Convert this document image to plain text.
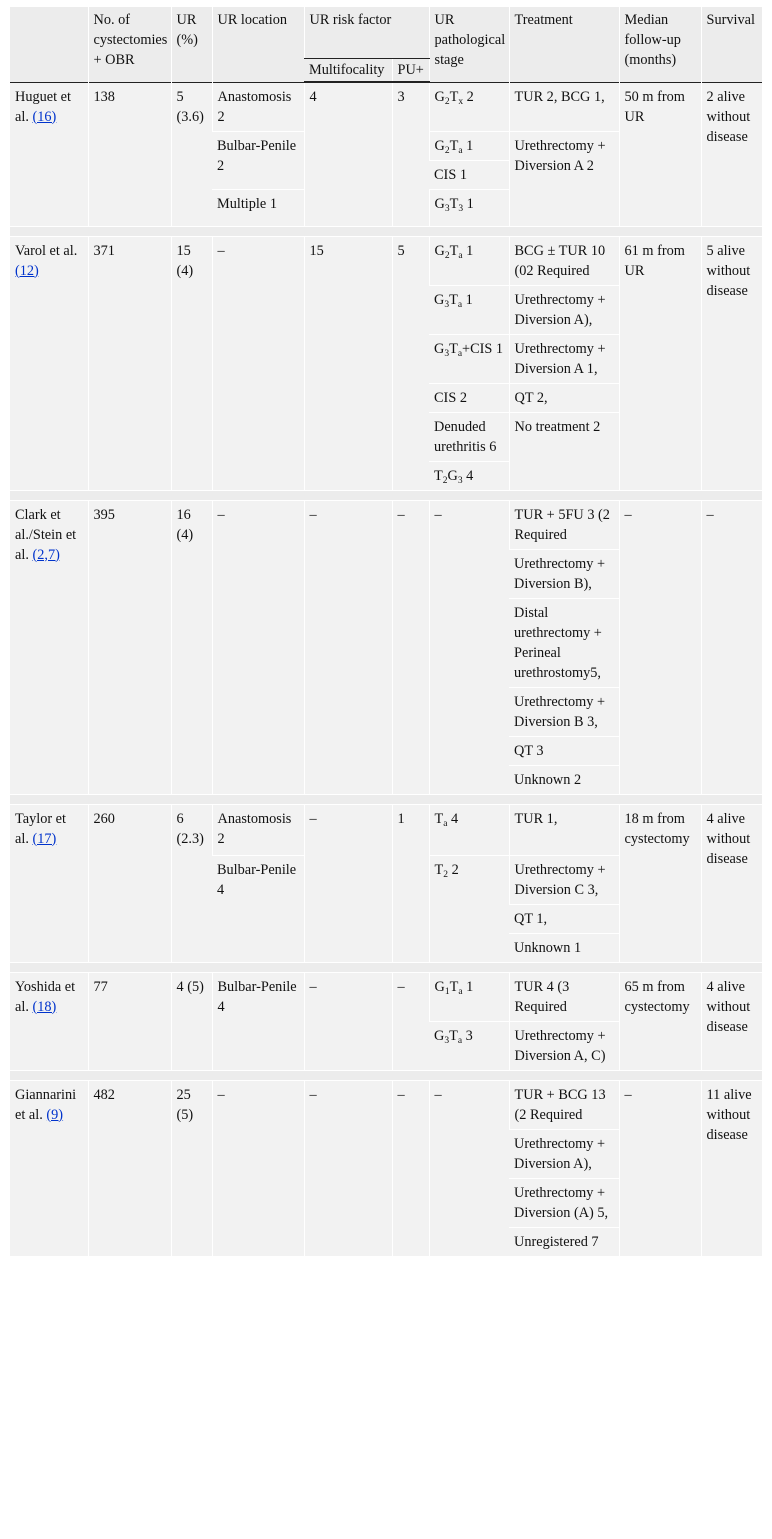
	No. of cystectomies + OBR	UR (%)	UR location	UR risk factor		UR pathological stage	Treatment	Median follow-up (months)	Survival
				Multifocality	PU+				
Huguet et al. (16)	138	5 (3.6)	Anastomosis 2	4	3	$G_2T_x$ 2	TUR 2, BCG 1,	50 m from UR	2 alive without disease
			Bulbar-Penile 2			$G_2T_a$ 1	Urethrectomy + Diversion A 2		
						CIS 1			
			Multiple 1			$G_3T_3$ 1			

Varol et al. (12)	371	15 (4)	–	15	5	$G_2T_a$ 1	BCG ± TUR 10 (02 Required	61 m from UR	5 alive without disease
						$G_3T_a$ 1	Urethrectomy + Diversion A),		
						$G_3T_a+CIS$ 1	Urethrectomy + Diversion A 1,		
						CIS 2	QT 2,		
						Denuded urethritis 6	No treatment 2		
						$T_2G_3$ 4			

Clark et al./Stein et al. (2,7)	395	16 (4)	–	–	–	–	TUR + 5FU 3 (2 Required	–	–
							Urethrectomy + Diversion B),		
							Distal urethrectomy + Perineal urethrostomy5,		
							Urethrectomy + Diversion B 3,		
							QT 3		
							Unknown 2		

Taylor et al. (17)	260	6 (2.3)	Anastomosis 2	–	1	$T_a$ 4	TUR 1,	18 m from cystectomy	4 alive without disease
			Bulbar-Penile 4			$T_2$ 2	Urethrectomy + Diversion C 3,		
							QT 1,		
							Unknown 1		

Yoshida et al. (18)	77	4 (5)	Bulbar-Penile 4	–	–	$G_1T_a$ 1	TUR 4 (3 Required	65 m from cystectomy	4 alive without disease
						$G_3T_a$ 3	Urethrectomy + Diversion A, C)		

Giannarini et al. (9)	482	25 (5)	–	–	–	–	TUR + BCG 13 (2 Required	–	11 alive without disease
							Urethrectomy + Diversion A),		
							Urethrectomy + Diversion (A) 5,		
							Unregistered 7		
